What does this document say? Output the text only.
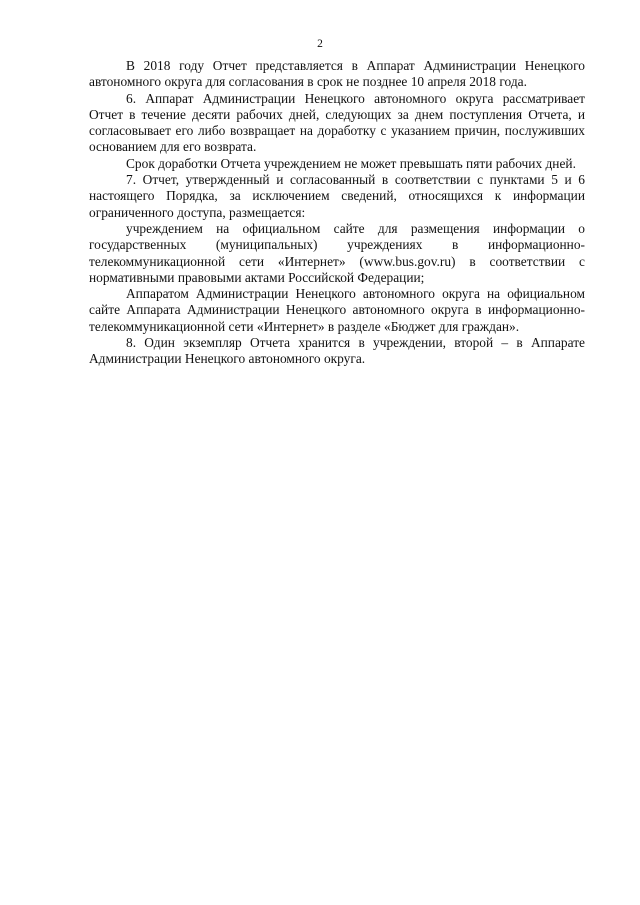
2

В 2018 году Отчет представляется в Аппарат Администрации Ненецкого автономного округа для согласования в срок не позднее 10 апреля 2018 года.

6. Аппарат Администрации Ненецкого автономного округа рассматривает Отчет в течение десяти рабочих дней, следующих за днем поступления Отчета, и согласовывает его либо возвращает на доработку с указанием причин, послуживших основанием для его возврата.

Срок доработки Отчета учреждением не может превышать пяти рабочих дней.

7. Отчет, утвержденный и согласованный в соответствии с пунктами 5 и 6 настоящего Порядка, за исключением сведений, относящихся к информации ограниченного доступа, размещается:

учреждением на официальном сайте для размещения информации о государственных (муниципальных) учреждениях в информационно-телекоммуникационной сети «Интернет» (www.bus.gov.ru) в соответствии с нормативными правовыми актами Российской Федерации;

Аппаратом Администрации Ненецкого автономного округа на официальном сайте Аппарата Администрации Ненецкого автономного округа в информационно-телекоммуникационной сети «Интернет» в разделе «Бюджет для граждан».

8. Один экземпляр Отчета хранится в учреждении, второй – в Аппарате Администрации Ненецкого автономного округа.
